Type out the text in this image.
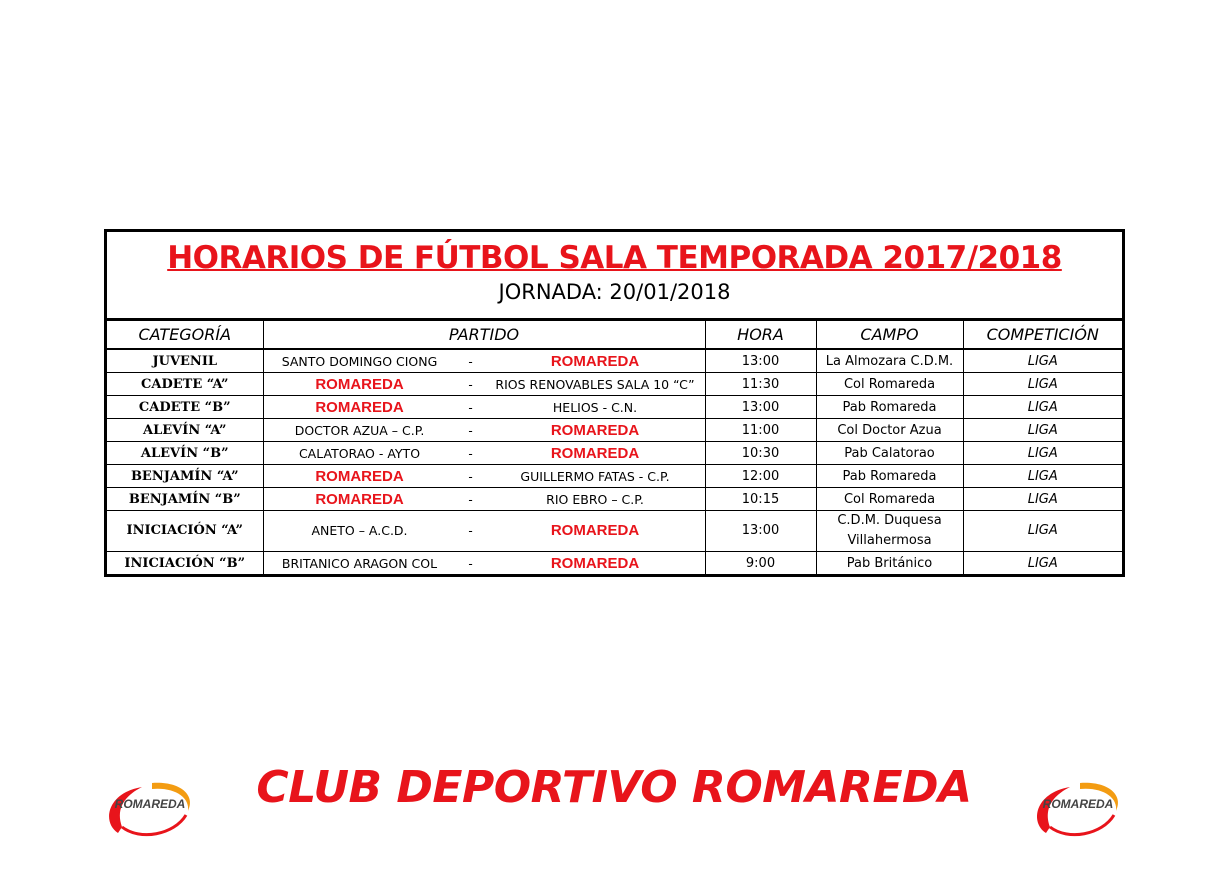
HORARIOS DE FÚTBOL SALA TEMPORADA 2017/2018
JORNADA: 20/01/2018
CATEGORÍA	PARTIDO	HORA	CAMPO	COMPETICIÓN
JUVENIL	SANTO DOMINGO CIONG - ROMAREDA	13:00	La Almozara C.D.M.	LIGA
CADETE “A”	ROMAREDA - RIOS RENOVABLES SALA 10 “C”	11:30	Col Romareda	LIGA
CADETE “B”	ROMAREDA - HELIOS - C.N.	13:00	Pab Romareda	LIGA
ALEVÍN “A”	DOCTOR AZUA – C.P. - ROMAREDA	11:00	Col Doctor Azua	LIGA
ALEVÍN “B”	CALATORAO - AYTO - ROMAREDA	10:30	Pab Calatorao	LIGA
BENJAMÍN “A”	ROMAREDA - GUILLERMO FATAS - C.P.	12:00	Pab Romareda	LIGA
BENJAMÍN “B”	ROMAREDA - RIO EBRO – C.P.	10:15	Col Romareda	LIGA
INICIACIÓN “A”	ANETO – A.C.D. - ROMAREDA	13:00	C.D.M. Duquesa Villahermosa	LIGA
INICIACIÓN “B”	BRITANICO ARAGON COL - ROMAREDA	9:00	Pab Británico	LIGA
CLUB DEPORTIVO ROMAREDA
ROMAREDA	ROMAREDA
